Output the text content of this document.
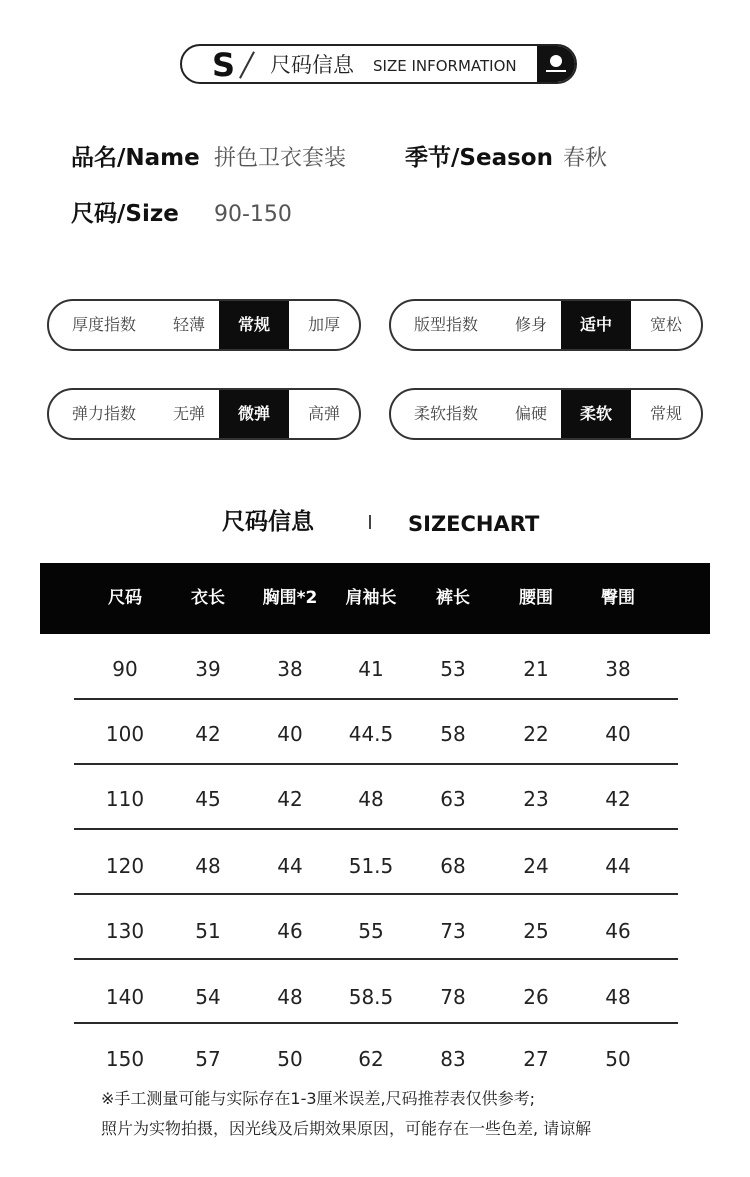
S 尺码信息 SIZE INFORMATION
品名/Name 拼色卫衣套装	季节/Season 春秋
尺码/Size 90-150
厚度指数	轻薄	常规	加厚	版型指数	修身	适中	宽松
弹力指数	无弹	微弹	高弹	柔软指数	偏硬	柔软	常规
尺码信息	SIZECHART
尺码	衣长	胸围*2	肩袖长	裤长	腰围	臀围
90	39	38	41	53	21	38
100	42	40	44.5	58	22	40
110	45	42	48	63	23	42
120	48	44	51.5	68	24	44
130	51	46	55	73	25	46
140	54	48	58.5	78	26	48
150	57	50	62	83	27	50
※手工测量可能与实际存在1-3厘米误差,尺码推荐表仅供参考;
照片为实物拍摄，因光线及后期效果原因，可能存在一些色差, 请谅解
